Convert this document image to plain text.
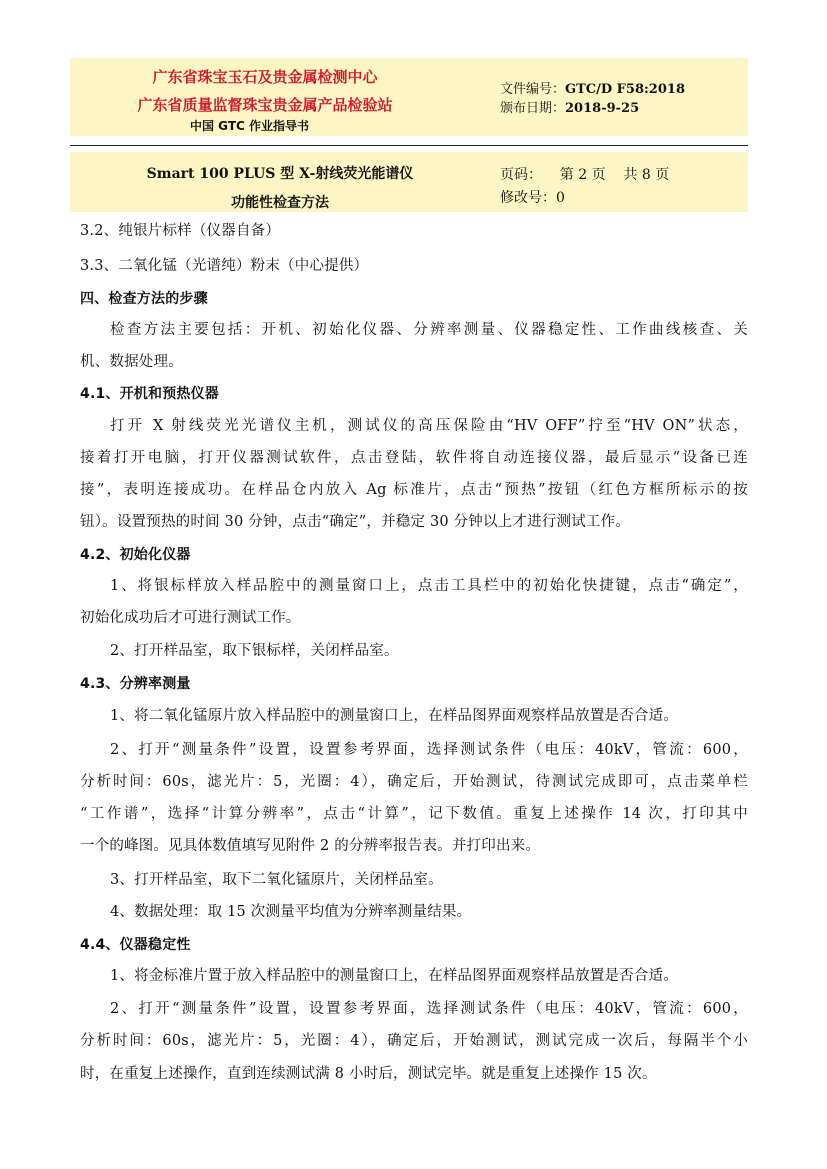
广东省珠宝玉石及贵金属检测中心
广东省质量监督珠宝贵金属产品检验站
中国 GTC 作业指导书
文件编号：GTC/D F58:2018
颁布日期：2018-9-25
Smart 100 PLUS 型 X-射线荧光能谱仪
功能性检查方法
页码：    第 2 页    共 8 页
修改号：0
3.2、纯银片标样（仪器自备）
3.3、二氧化锰（光谱纯）粉末（中心提供）
四、检查方法的步骤
检查方法主要包括：开机、初始化仪器、分辨率测量、仪器稳定性、工作曲线核查、关
机、数据处理。
4.1、开机和预热仪器
打开 X 射线荧光光谱仪主机，测试仪的高压保险由“HV OFF”拧至“HV ON”状态，
接着打开电脑，打开仪器测试软件，点击登陆，软件将自动连接仪器，最后显示“设备已连
接”，表明连接成功。在样品仓内放入 Ag 标准片，点击“预热”按钮（红色方框所标示的按
钮）。设置预热的时间 30 分钟，点击“确定”，并稳定 30 分钟以上才进行测试工作。
4.2、初始化仪器
1、将银标样放入样品腔中的测量窗口上，点击工具栏中的初始化快捷键，点击“确定”，
初始化成功后才可进行测试工作。
2、打开样品室，取下银标样，关闭样品室。
4.3、分辨率测量
1、将二氧化锰原片放入样品腔中的测量窗口上，在样品图界面观察样品放置是否合适。
2、打开“测量条件”设置，设置参考界面，选择测试条件（电压：40kV，管流：600，
分析时间：60s，滤光片：5，光圈：4），确定后，开始测试，待测试完成即可，点击菜单栏
“工作谱”，选择“计算分辨率”，点击“计算”，记下数值。重复上述操作 14 次，打印其中
一个的峰图。见具体数值填写见附件 2 的分辨率报告表。并打印出来。
3、打开样品室，取下二氧化锰原片，关闭样品室。
4、数据处理：取 15 次测量平均值为分辨率测量结果。
4.4、仪器稳定性
1、将金标准片置于放入样品腔中的测量窗口上，在样品图界面观察样品放置是否合适。
2、打开“测量条件”设置，设置参考界面，选择测试条件（电压：40kV，管流：600，
分析时间：60s，滤光片：5，光圈：4），确定后，开始测试，测试完成一次后，每隔半个小
时，在重复上述操作，直到连续测试满 8 小时后，测试完毕。就是重复上述操作 15 次。
